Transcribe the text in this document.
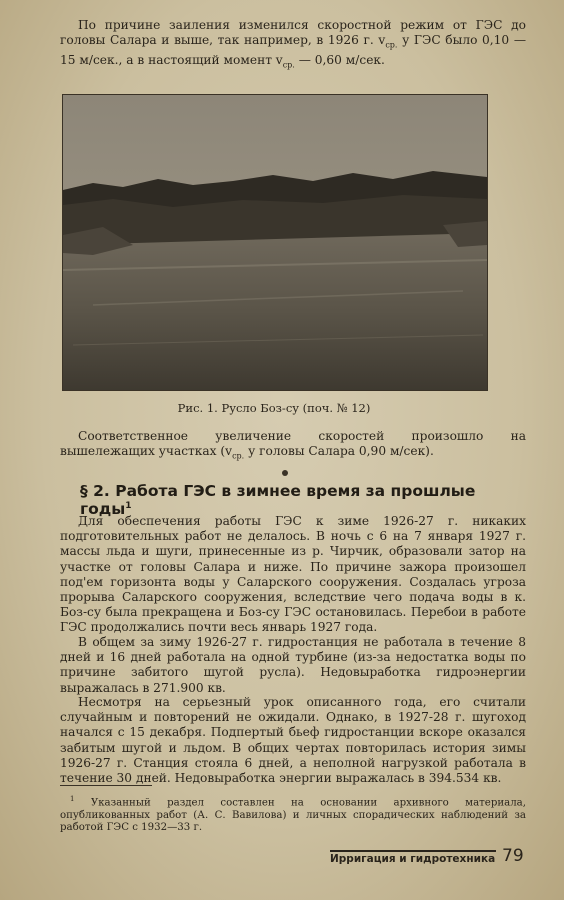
По причине заиления изменился скоростной режим от ГЭС до головы Салара и выше, так например, в 1926 г. $v_{ср.}$ у ГЭС было 0,10 — 15 м/сек., а в настоящий момент $v_{ср.}$ — 0,60 м/сек.

Рис. 1. Русло Боз-су (поч. № 12)

Соответственное увеличение скоростей произошло на вышележащих участках ($v_{ср.}$ у головы Салара 0,90 м/сек).

§ 2. Работа ГЭС в зимнее время за прошлые годы$^1$

Для обеспечения работы ГЭС к зиме 1926-27 г. никаких подготовительных работ не делалось. В ночь с 6 на 7 января 1927 г. массы льда и шуги, принесенные из р. Чирчик, образовали затор на участке от головы Салара и ниже. По причине зажора произошел под'ем горизонта воды у Саларского сооружения. Создалась угроза прорыва Саларского сооружения, вследствие чего подача воды в к. Боз-су была прекращена и Боз-су ГЭС остановилась. Перебои в работе ГЭС продолжались почти весь январь 1927 года.

В общем за зиму 1926-27 г. гидростанция не работала в течение 8 дней и 16 дней работала на одной турбине (из-за недостатка воды по причине забитого шугой русла). Недовыработка гидроэнергии выражалась в 271.900 кв.

Несмотря на серьезный урок описанного года, его считали случайным и повторений не ожидали. Однако, в 1927-28 г. шугоход начался с 15 декабря. Подпертый бьеф гидростанции вскоре оказался забитым шугой и льдом. В общих чертах повторилась история зимы 1926-27 г. Станция стояла 6 дней, а неполной нагрузкой работала в течение 30 дней. Недовыработка энергии выражалась в 394.534 кв.

$^1$ Указанный раздел составлен на основании архивного материала, опубликованных работ (А. С. Вавилова) и личных спорадических наблюдений за работой ГЭС с 1932—33 г.

Ирригация и гидротехника 79
